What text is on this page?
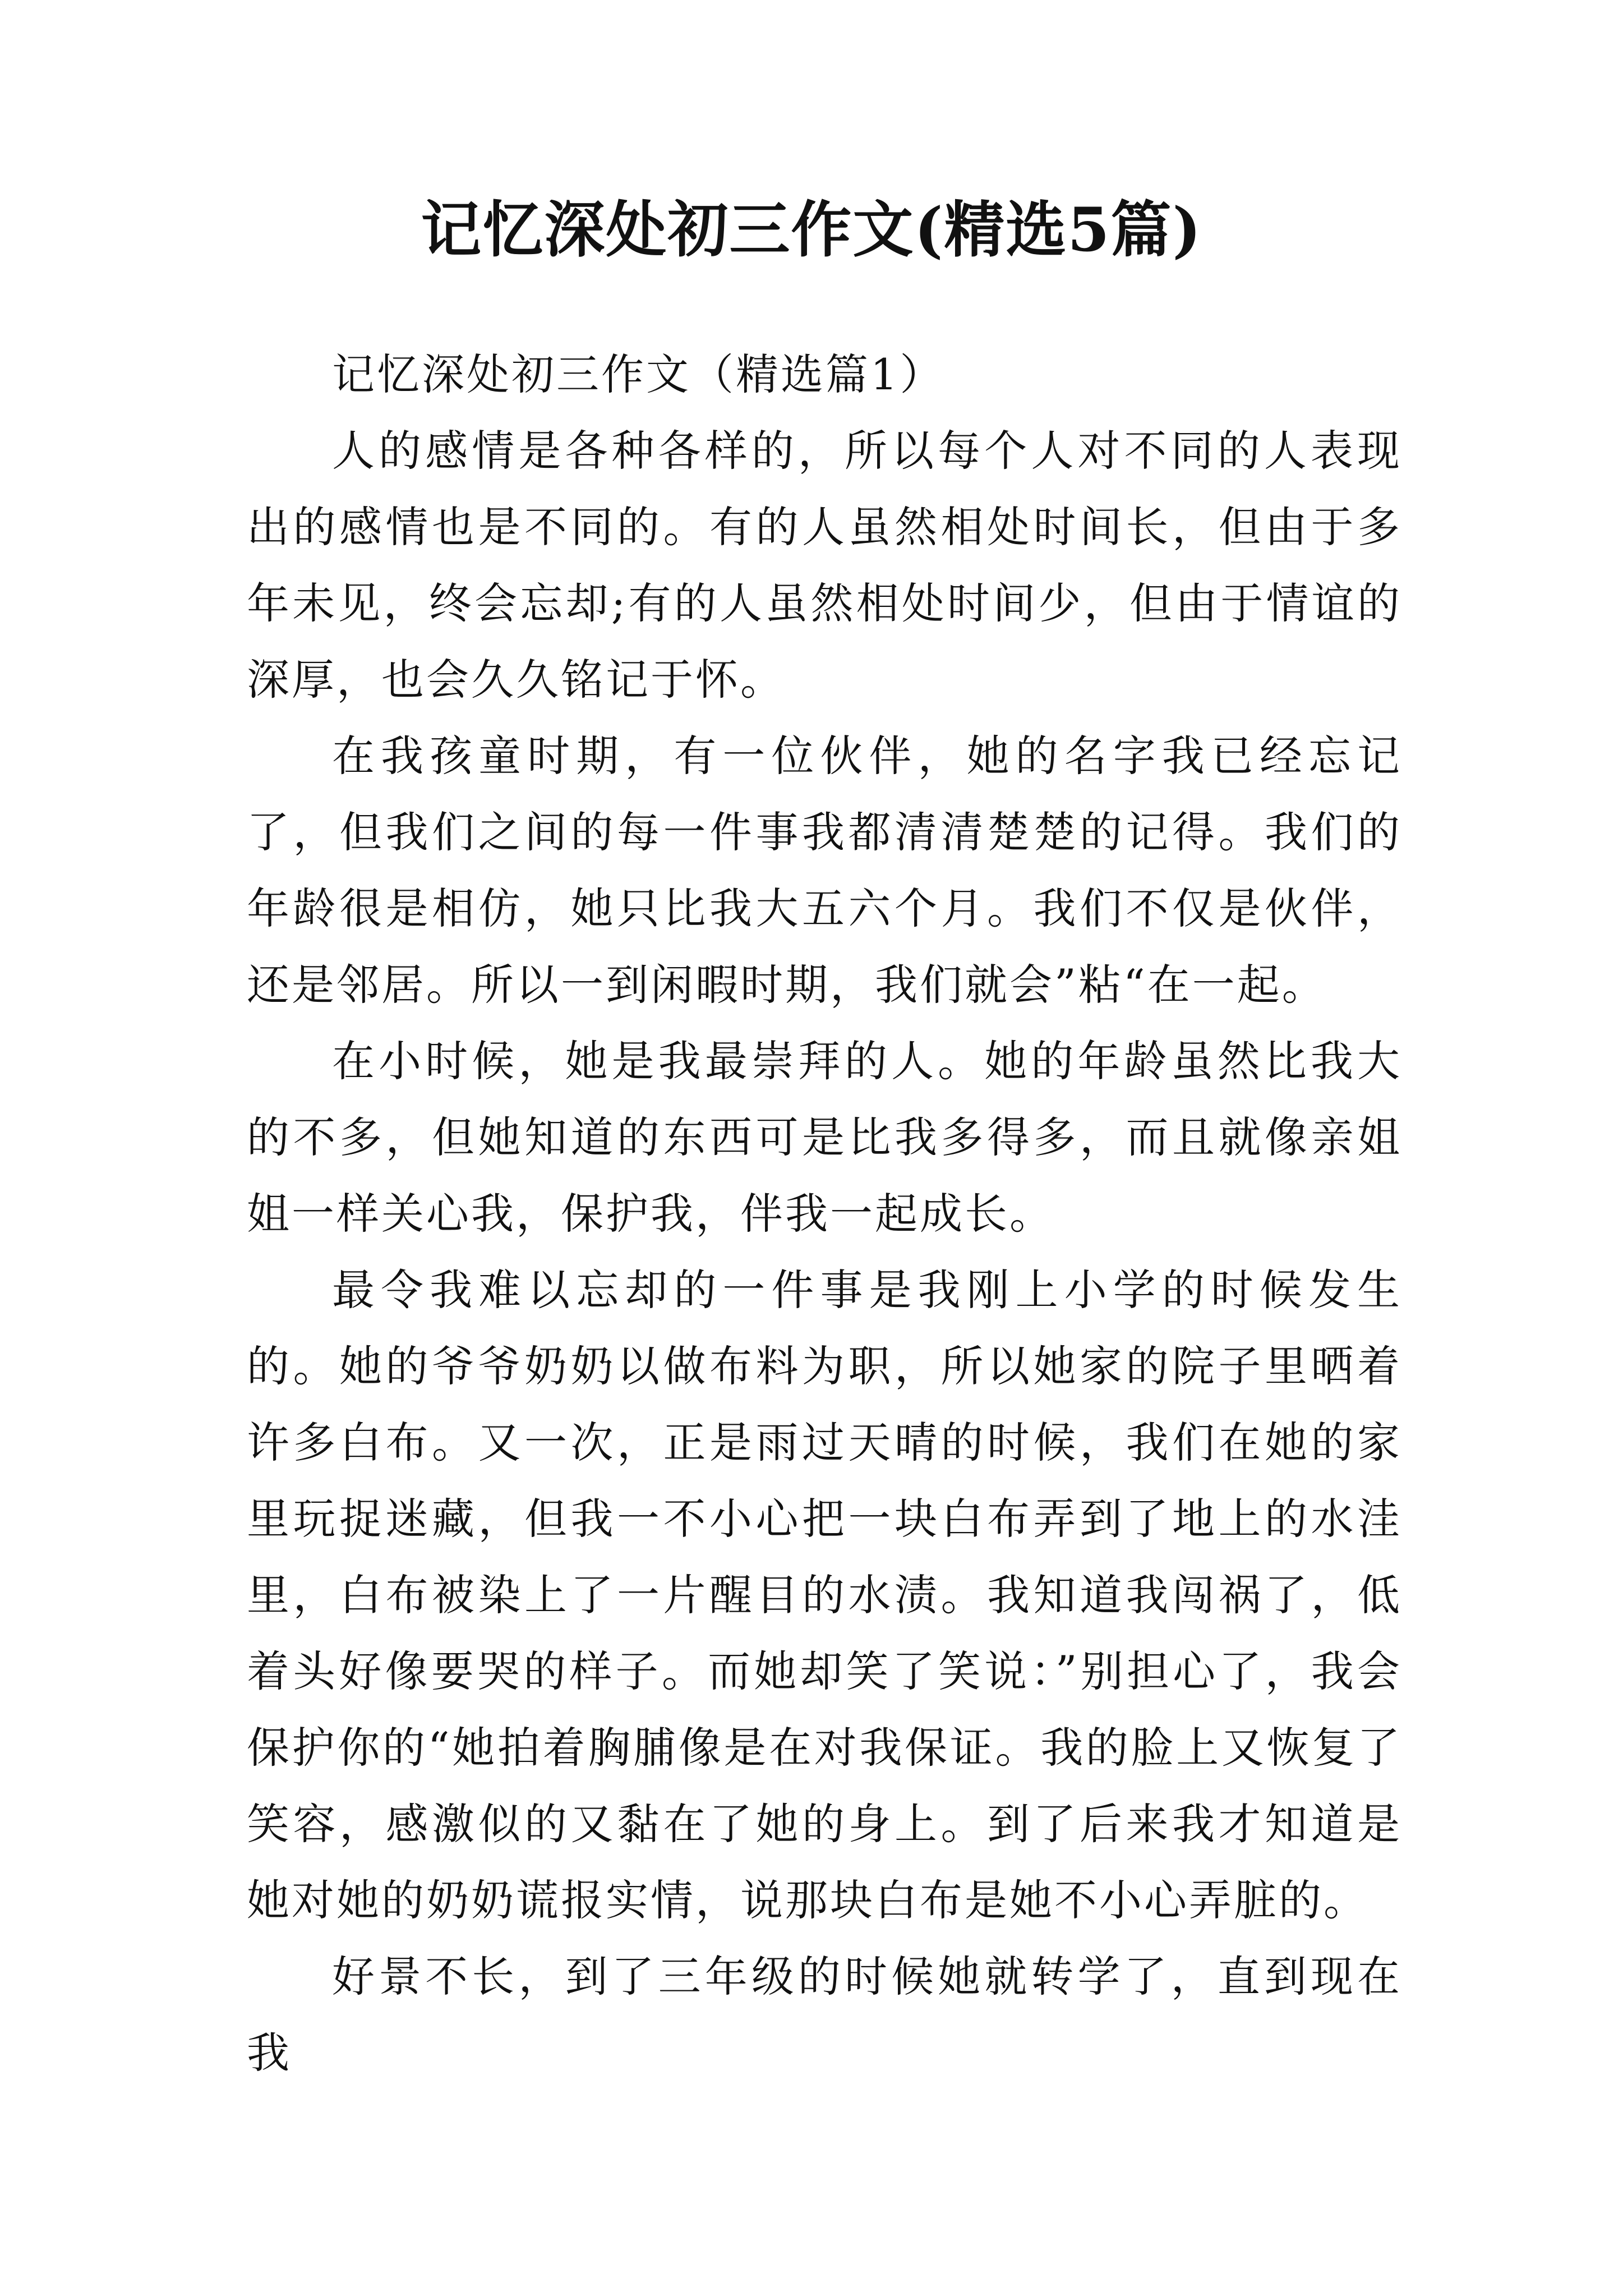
记忆深处初三作文(精选5篇)

记忆深处初三作文（精选篇1）

人的感情是各种各样的，所以每个人对不同的人表现出的感情也是不同的。有的人虽然相处时间长，但由于多年未见，终会忘却;有的人虽然相处时间少，但由于情谊的深厚，也会久久铭记于怀。

在我孩童时期，有一位伙伴，她的名字我已经忘记了，但我们之间的每一件事我都清清楚楚的记得。我们的年龄很是相仿，她只比我大五六个月。我们不仅是伙伴，还是邻居。所以一到闲暇时期，我们就会”粘“在一起。

在小时候，她是我最崇拜的人。她的年龄虽然比我大的不多，但她知道的东西可是比我多得多，而且就像亲姐姐一样关心我，保护我，伴我一起成长。

最令我难以忘却的一件事是我刚上小学的时候发生的。她的爷爷奶奶以做布料为职，所以她家的院子里晒着许多白布。又一次，正是雨过天晴的时候，我们在她的家里玩捉迷藏，但我一不小心把一块白布弄到了地上的水洼里，白布被染上了一片醒目的水渍。我知道我闯祸了，低着头好像要哭的样子。而她却笑了笑说：”别担心了，我会保护你的“她拍着胸脯像是在对我保证。我的脸上又恢复了笑容，感激似的又黏在了她的身上。到了后来我才知道是她对她的奶奶谎报实情，说那块白布是她不小心弄脏的。

好景不长，到了三年级的时候她就转学了，直到现在我
